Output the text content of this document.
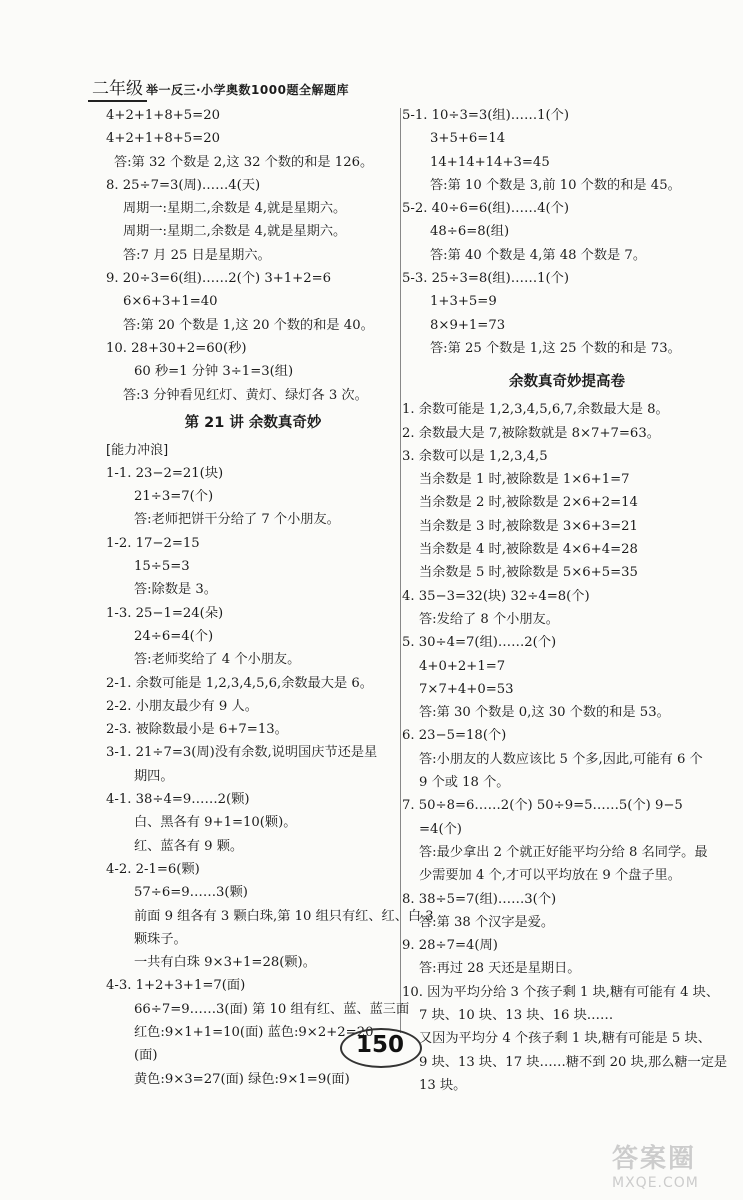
二年级 举一反三·小学奥数1000题全解题库
4+2+1+8+5=20
4+2+1+8+5=20
答:第 32 个数是 2,这 32 个数的和是 126。
8. 25÷7=3(周)……4(天)
周期一:星期二,余数是 4,就是星期六。
周期一:星期二,余数是 4,就是星期六。
答:7 月 25 日是星期六。
9. 20÷3=6(组)……2(个) 3+1+2=6
6×6+3+1=40
答:第 20 个数是 1,这 20 个数的和是 40。
10. 28+30+2=60(秒)
60 秒=1 分钟 3÷1=3(组)
答:3 分钟看见红灯、黄灯、绿灯各 3 次。
第 21 讲 余数真奇妙
[能力冲浪]
1-1. 23−2=21(块)
21÷3=7(个)
答:老师把饼干分给了 7 个小朋友。
1-2. 17−2=15
15÷5=3
答:除数是 3。
1-3. 25−1=24(朵)
24÷6=4(个)
答:老师奖给了 4 个小朋友。
2-1. 余数可能是 1,2,3,4,5,6,余数最大是 6。
2-2. 小朋友最少有 9 人。
2-3. 被除数最小是 6+7=13。
3-1. 21÷7=3(周)没有余数,说明国庆节还是星
期四。
4-1. 38÷4=9……2(颗)
白、黑各有 9+1=10(颗)。
红、蓝各有 9 颗。
4-2. 2-1=6(颗)
57÷6=9……3(颗)
前面 9 组各有 3 颗白珠,第 10 组只有红、红、白 3
颗珠子。
一共有白珠 9×3+1=28(颗)。
4-3. 1+2+3+1=7(面)
66÷7=9……3(面) 第 10 组有红、蓝、蓝三面
红色:9×1+1=10(面) 蓝色:9×2+2=20
(面)
黄色:9×3=27(面) 绿色:9×1=9(面)
5-1. 10÷3=3(组)……1(个)
3+5+6=14
14+14+14+3=45
答:第 10 个数是 3,前 10 个数的和是 45。
5-2. 40÷6=6(组)……4(个)
48÷6=8(组)
答:第 40 个数是 4,第 48 个数是 7。
5-3. 25÷3=8(组)……1(个)
1+3+5=9
8×9+1=73
答:第 25 个数是 1,这 25 个数的和是 73。
余数真奇妙提高卷
1. 余数可能是 1,2,3,4,5,6,7,余数最大是 8。
2. 余数最大是 7,被除数就是 8×7+7=63。
3. 余数可以是 1,2,3,4,5
当余数是 1 时,被除数是 1×6+1=7
当余数是 2 时,被除数是 2×6+2=14
当余数是 3 时,被除数是 3×6+3=21
当余数是 4 时,被除数是 4×6+4=28
当余数是 5 时,被除数是 5×6+5=35
4. 35−3=32(块) 32÷4=8(个)
答:发给了 8 个小朋友。
5. 30÷4=7(组)……2(个)
4+0+2+1=7
7×7+4+0=53
答:第 30 个数是 0,这 30 个数的和是 53。
6. 23−5=18(个)
答:小朋友的人数应该比 5 个多,因此,可能有 6 个
9 个或 18 个。
7. 50÷8=6……2(个) 50÷9=5……5(个) 9−5
=4(个)
答:最少拿出 2 个就正好能平均分给 8 名同学。最
少需要加 4 个,才可以平均放在 9 个盘子里。
8. 38÷5=7(组)……3(个)
答:第 38 个汉字是爱。
9. 28÷7=4(周)
答:再过 28 天还是星期日。
10. 因为平均分给 3 个孩子剩 1 块,糖有可能有 4 块、
7 块、10 块、13 块、16 块……
又因为平均分 4 个孩子剩 1 块,糖有可能是 5 块、
9 块、13 块、17 块……糖不到 20 块,那么糖一定是
13 块。
150
答案圈
MXQE.COM
